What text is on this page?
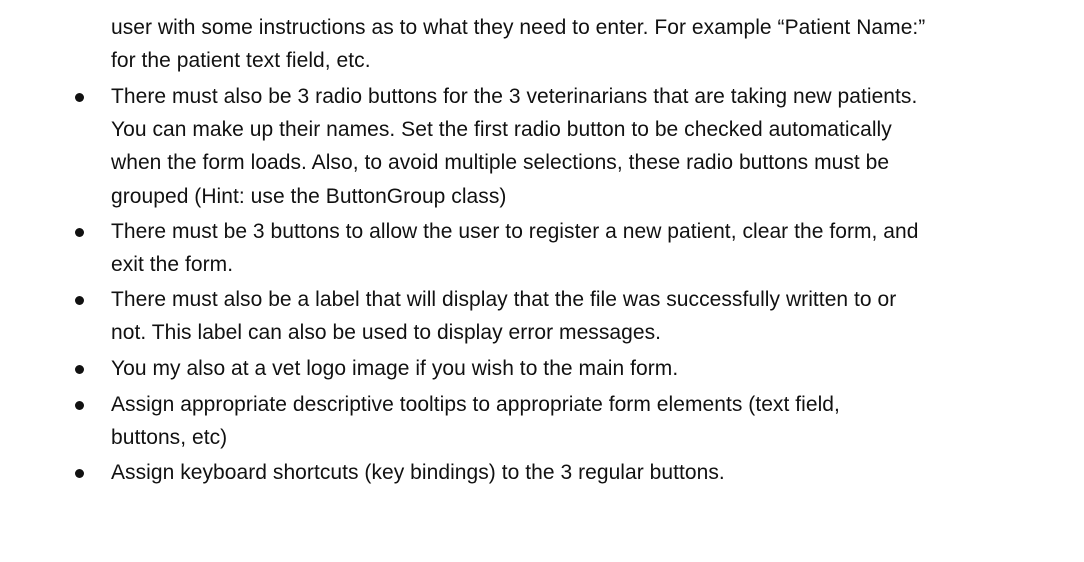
user with some instructions as to what they need to enter. For example “Patient Name:”
for the patient text field, etc.
There must also be 3 radio buttons for the 3 veterinarians that are taking new patients.
You can make up their names. Set the first radio button to be checked automatically
when the form loads. Also, to avoid multiple selections, these radio buttons must be
grouped (Hint: use the ButtonGroup class)
There must be 3 buttons to allow the user to register a new patient, clear the form, and
exit the form.
There must also be a label that will display that the file was successfully written to or
not. This label can also be used to display error messages.
You my also at a vet logo image if you wish to the main form.
Assign appropriate descriptive tooltips to appropriate form elements (text field,
buttons, etc)
Assign keyboard shortcuts (key bindings) to the 3 regular buttons.
